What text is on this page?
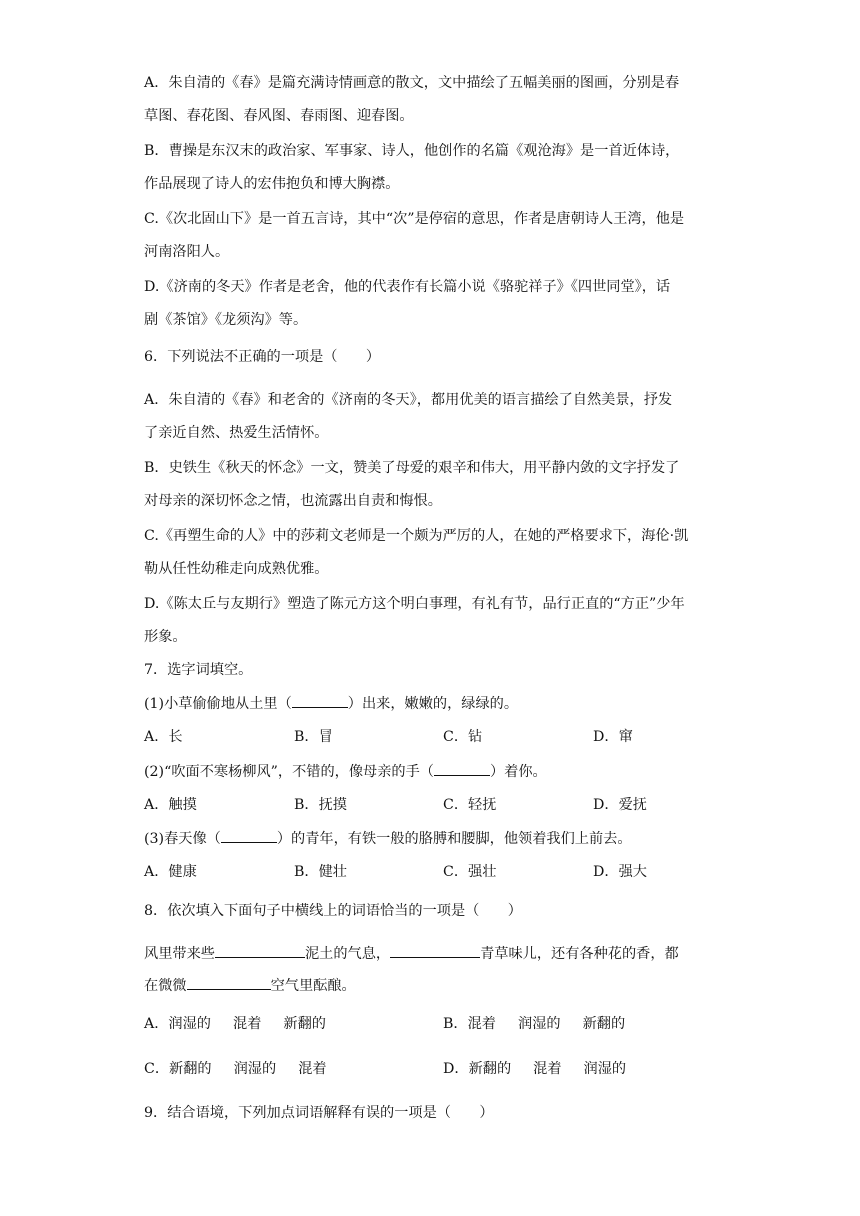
A．朱自清的《春》是篇充满诗情画意的散文，文中描绘了五幅美丽的图画，分别是春
草图、春花图、春风图、春雨图、迎春图。
B．曹操是东汉末的政治家、军事家、诗人，他创作的名篇《观沧海》是一首近体诗，
作品展现了诗人的宏伟抱负和博大胸襟。
C.《次北固山下》是一首五言诗，其中“次”是停宿的意思，作者是唐朝诗人王湾，他是
河南洛阳人。
D.《济南的冬天》作者是老舍，他的代表作有长篇小说《骆驼祥子》《四世同堂》，话
剧《茶馆》《龙须沟》等。
6．下列说法不正确的一项是（　　）
A．朱自清的《春》和老舍的《济南的冬天》，都用优美的语言描绘了自然美景，抒发
了亲近自然、热爱生活情怀。
B．史铁生《秋天的怀念》一文，赞美了母爱的艰辛和伟大，用平静内敛的文字抒发了
对母亲的深切怀念之情，也流露出自责和悔恨。
C.《再塑生命的人》中的莎莉文老师是一个颇为严厉的人，在她的严格要求下，海伦·凯
勒从任性幼稚走向成熟优雅。
D.《陈太丘与友期行》塑造了陈元方这个明白事理，有礼有节，品行正直的“方正”少年
形象。
7．选字词填空。
(1)小草偷偷地从土里（	）出来，嫩嫩的，绿绿的。
A．长	B．冒	C．钻	D．窜
(2)“吹面不寒杨柳风”，不错的，像母亲的手（	）着你。
A．触摸	B．抚摸	C．轻抚	D．爱抚
(3)春天像（	）的青年，有铁一般的胳膊和腰脚，他领着我们上前去。
A．健康	B．健壮	C．强壮	D．强大
8．依次填入下面句子中横线上的词语恰当的一项是（　　）
风里带来些	泥土的气息，	青草味儿，还有各种花的香，都
在微微	空气里酝酿。
A．润湿的 混着 新翻的	B．混着 润湿的 新翻的
C．新翻的 润湿的 混着	D．新翻的 混着 润湿的
9．结合语境，下列加点词语解释有误的一项是（　　）
